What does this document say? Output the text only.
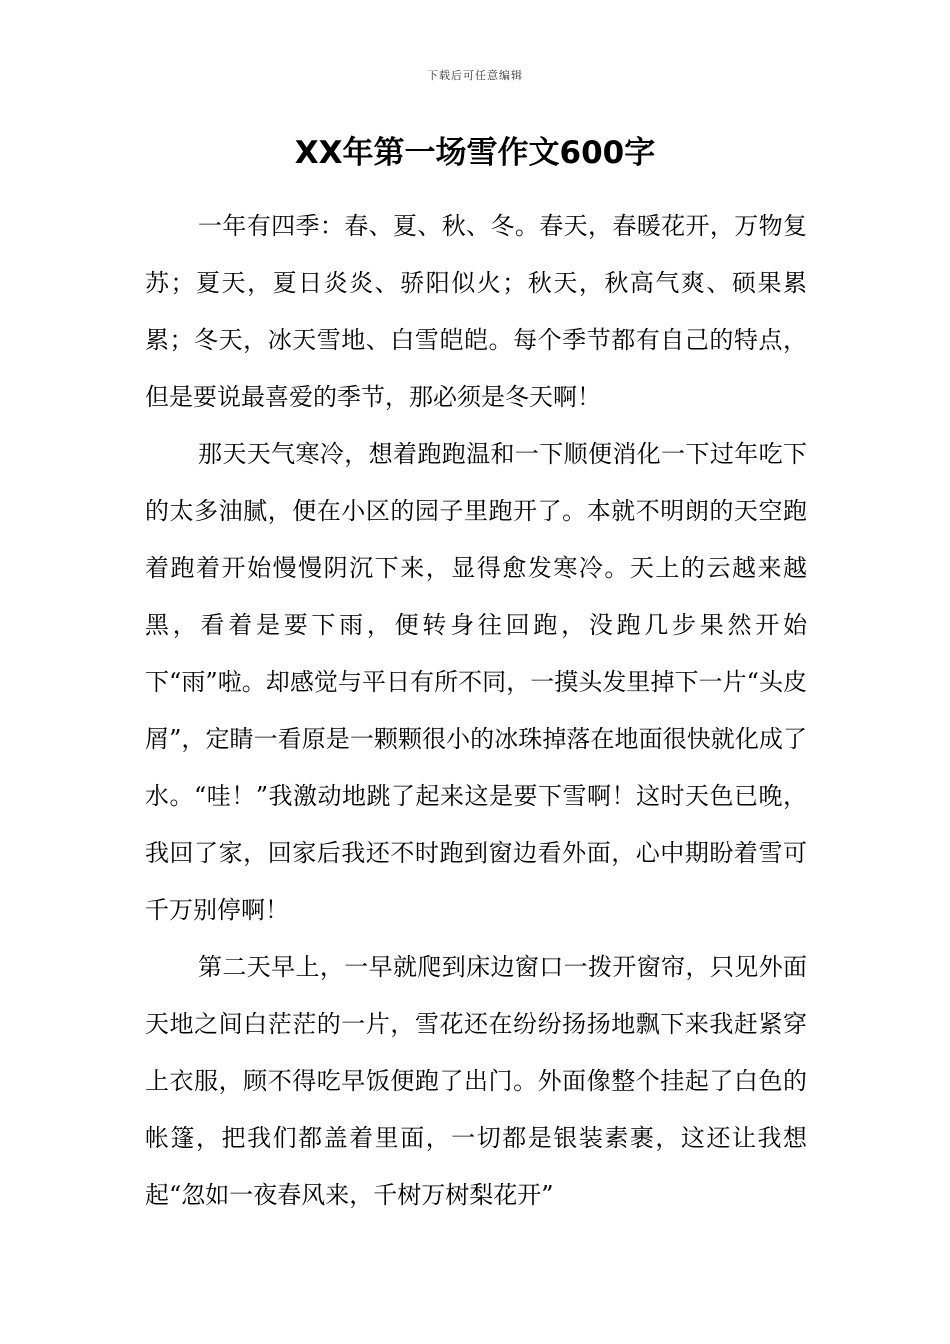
下载后可任意编辑
XX年第一场雪作文600字

一年有四季：春、夏、秋、冬。春天，春暖花开，万物复苏；夏天，夏日炎炎、骄阳似火；秋天，秋高气爽、硕果累累；冬天，冰天雪地、白雪皑皑。每个季节都有自己的特点，但是要说最喜爱的季节，那必须是冬天啊！

那天天气寒冷，想着跑跑温和一下顺便消化一下过年吃下的太多油腻，便在小区的园子里跑开了。本就不明朗的天空跑着跑着开始慢慢阴沉下来，显得愈发寒冷。天上的云越来越黑，看着是要下雨，便转身往回跑，没跑几步果然开始下“雨”啦。却感觉与平日有所不同，一摸头发里掉下一片“头皮屑”，定睛一看原是一颗颗很小的冰珠掉落在地面很快就化成了水。“哇！”我激动地跳了起来这是要下雪啊！这时天色已晚，我回了家，回家后我还不时跑到窗边看外面，心中期盼着雪可千万别停啊！

第二天早上，一早就爬到床边窗口一拨开窗帘，只见外面天地之间白茫茫的一片，雪花还在纷纷扬扬地飘下来我赶紧穿上衣服，顾不得吃早饭便跑了出门。外面像整个挂起了白色的帐篷，把我们都盖着里面，一切都是银装素裹，这还让我想起“忽如一夜春风来，千树万树梨花开”
